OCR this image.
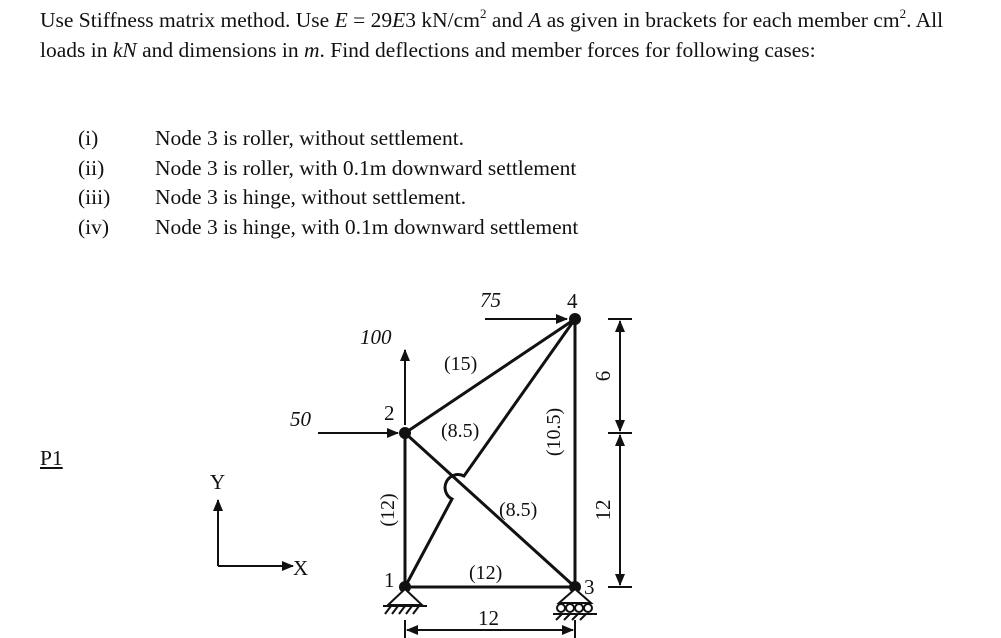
Use Stiffness matrix method. Use E = 29E3 $kN/cm^2$ and A as given in brackets for each member $cm^2$. All loads in kN and dimensions in m. Find deflections and member forces for following cases:
(i)	Node 3 is roller, without settlement.
(ii)	Node 3 is roller, with 0.1m downward settlement
(iii)	Node 3 is hinge, without settlement.
(iv)	Node 3 is hinge, with 0.1m downward settlement
P1
Y
X	1
2
3
4
50
100
75
(12)
(12)
(10.5)
(15)
(8.5)
(8.5)
12
6
12
